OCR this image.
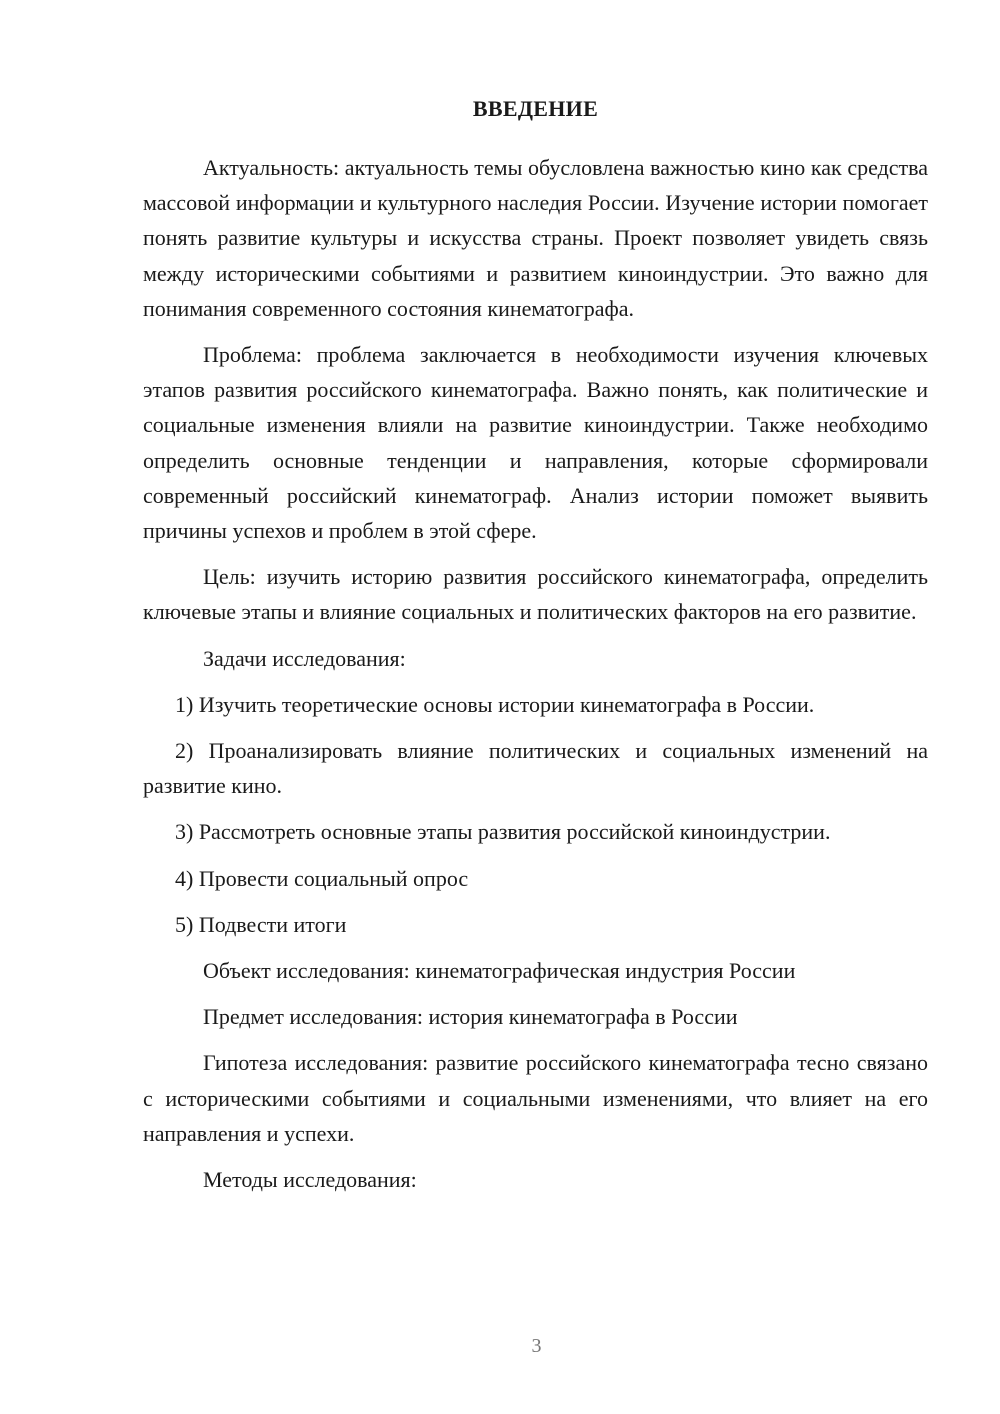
ВВЕДЕНИЕ

Актуальность: актуальность темы обусловлена важностью кино как средства массовой информации и культурного наследия России. Изучение истории помогает понять развитие культуры и искусства страны. Проект позволяет увидеть связь между историческими событиями и развитием киноиндустрии. Это важно для понимания современного состояния кинематографа.

Проблема: проблема заключается в необходимости изучения ключевых этапов развития российского кинематографа. Важно понять, как политические и социальные изменения влияли на развитие киноиндустрии. Также необходимо определить основные тенденции и направления, которые сформировали современный российский кинематограф. Анализ истории поможет выявить причины успехов и проблем в этой сфере.

Цель: изучить историю развития российского кинематографа, определить ключевые этапы и влияние социальных и политических факторов на его развитие.

Задачи исследования:

1) Изучить теоретические основы истории кинематографа в России.

2) Проанализировать влияние политических и социальных изменений на развитие кино.

3) Рассмотреть основные этапы развития российской киноиндустрии.

4) Провести социальный опрос

5) Подвести итоги

Объект исследования: кинематографическая индустрия России

Предмет исследования: история кинематографа в России

Гипотеза исследования: развитие российского кинематографа тесно связано с историческими событиями и социальными изменениями, что влияет на его направления и успехи.

Методы исследования:

3
